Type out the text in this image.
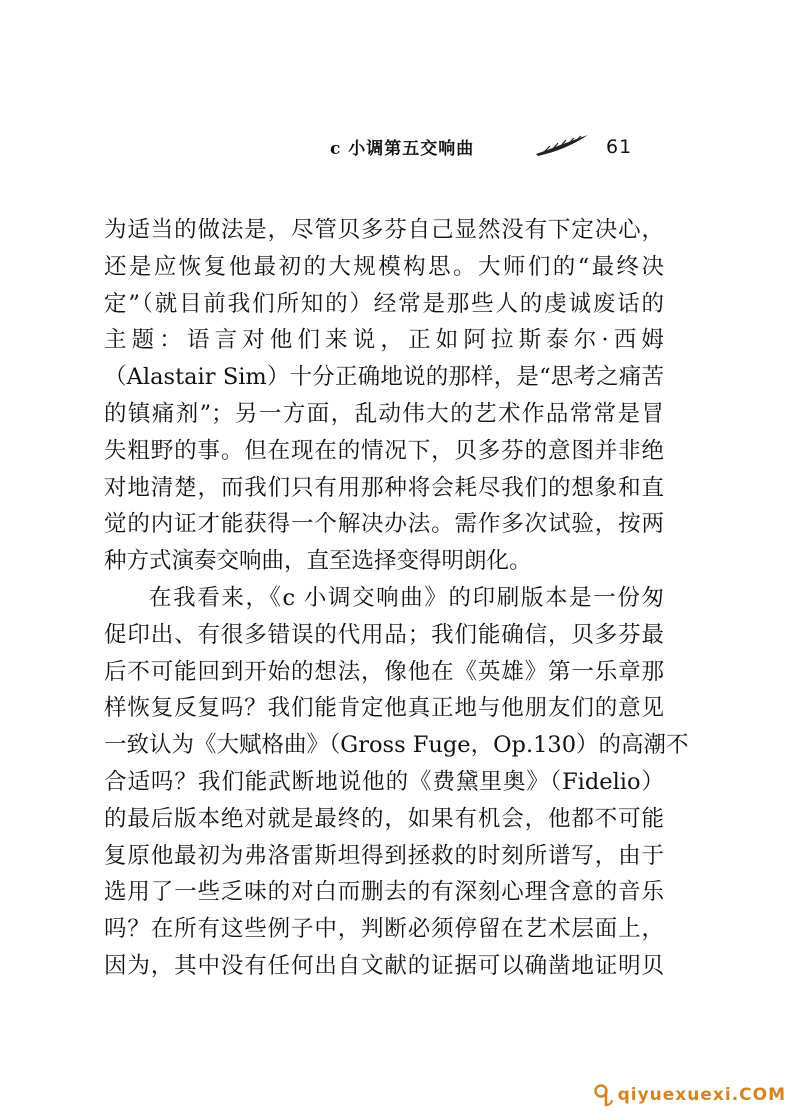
c 小调第五交响曲	61
为适当的做法是，尽管贝多芬自己显然没有下定决心，
还是应恢复他最初的大规模构思。大师们的“最终决
定”（就目前我们所知的）经常是那些人的虔诚废话的
主题：语言对他们来说，正如阿拉斯泰尔·西姆
（Alastair Sim）十分正确地说的那样，是“思考之痛苦
的镇痛剂”；另一方面，乱动伟大的艺术作品常常是冒
失粗野的事。但在现在的情况下，贝多芬的意图并非绝
对地清楚，而我们只有用那种将会耗尽我们的想象和直
觉的内证才能获得一个解决办法。需作多次试验，按两
种方式演奏交响曲，直至选择变得明朗化。
在我看来，《c 小调交响曲》的印刷版本是一份匆
促印出、有很多错误的代用品；我们能确信，贝多芬最
后不可能回到开始的想法，像他在《英雄》第一乐章那
样恢复反复吗？我们能肯定他真正地与他朋友们的意见
一致认为《大赋格曲》（Gross Fuge，Op.130）的高潮不
合适吗？我们能武断地说他的《费黛里奥》（Fidelio）
的最后版本绝对就是最终的，如果有机会，他都不可能
复原他最初为弗洛雷斯坦得到拯救的时刻所谱写，由于
选用了一些乏味的对白而删去的有深刻心理含意的音乐
吗？在所有这些例子中，判断必须停留在艺术层面上，
因为，其中没有任何出自文献的证据可以确凿地证明贝
qiyuexuexi.COM
